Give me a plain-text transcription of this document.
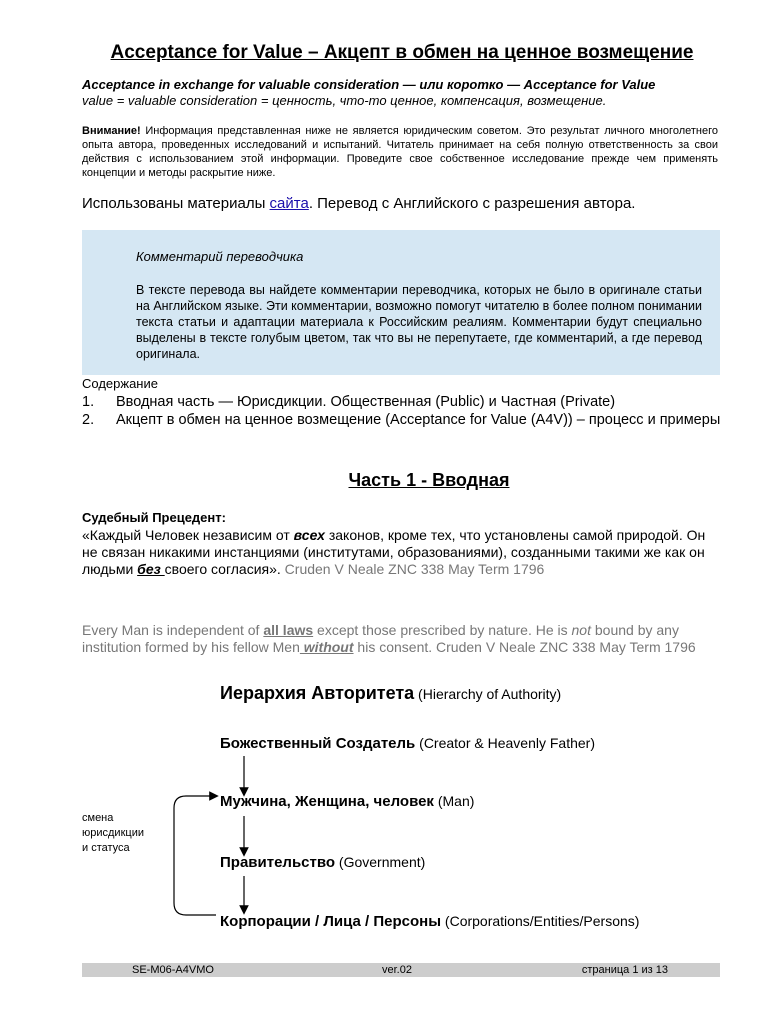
Acceptance for Value – Акцепт в обмен на ценное возмещение
Acceptance in exchange for valuable consideration — или коротко — Acceptance for Value
value = valuable consideration = ценность, что-то ценное, компенсация, возмещение.
Внимание! Информация представленная ниже не является юридическим советом. Это результат личного многолетнего опыта автора, проведенных исследований и испытаний. Читатель принимает на себя полную ответственность за свои действия с использованием этой информации. Проведите свое собственное исследование прежде чем применять концепции и методы раскрытие ниже.
Использованы материалы сайта. Перевод с Английского с разрешения автора.
Комментарий переводчика
В тексте перевода вы найдете комментарии переводчика, которых не было в оригинале статьи на Английском языке. Эти комментарии, возможно помогут читателю в более полном понимании текста статьи и адаптации материала к Российским реалиям. Комментарии будут специально выделены в тексте голубым цветом, так что вы не перепутаете, где комментарий, а где перевод оригинала.
Содержание
1.	Вводная часть — Юрисдикции. Общественная (Public) и Частная (Private)
2.	Акцепт в обмен на ценное возмещение (Acceptance for Value (A4V)) – процесс и примеры
Часть 1 - Вводная
Судебный Прецедент:
«Каждый Человек независим от всех законов, кроме тех, что установлены самой природой. Он не связан никакими инстанциями (институтами, образованиями), созданными такими же как он людьми без своего согласия». Cruden V Neale ZNC 338 May Term 1796
Every Man is independent of all laws except those prescribed by nature. He is not bound by any institution formed by his fellow Men without his consent. Cruden V Neale ZNC 338 May Term 1796
Иерархия Авторитета (Hierarchy of Authority)
Божественный Создатель (Creator & Heavenly Father)
Мужчина, Женщина, человек (Man)
Правительство (Government)
Корпорации / Лица / Персоны (Corporations/Entities/Persons)
смена
юрисдикции
и статуса
SE-M06-A4VMO	ver.02	страница 1 из 13
